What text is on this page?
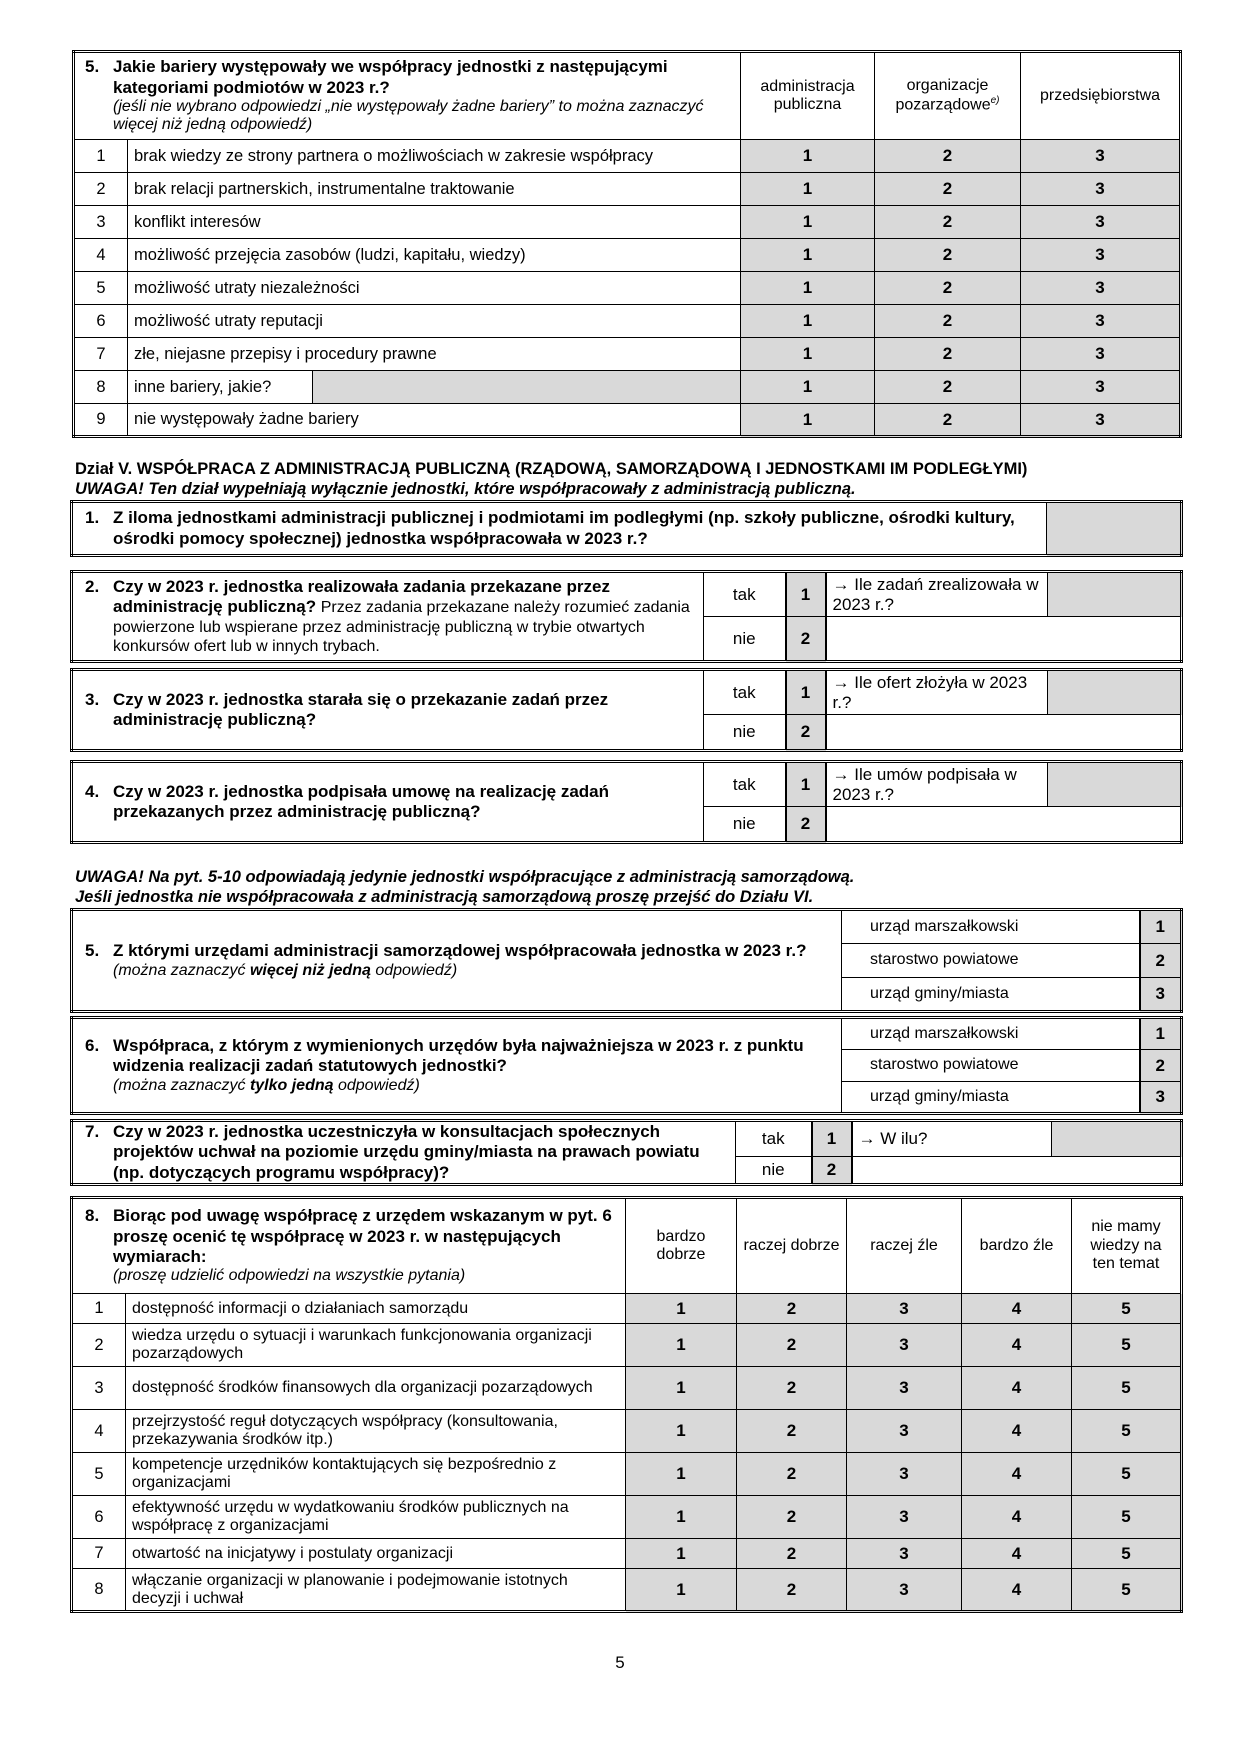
5. Jakie bariery występowały we współpracy jednostki z następującymi kategoriami podmiotów w 2023 r.?
(jeśli nie wybrano odpowiedzi „nie występowały żadne bariery” to można zaznaczyć więcej niż jedną odpowiedź)			administracja publiczna	organizacje pozarządowe$^{e)}$	przedsiębiorstwa
1	brak wiedzy ze strony partnera o możliwościach w zakresie współpracy		1	2	3
2	brak relacji partnerskich, instrumentalne traktowanie		1	2	3
3	konflikt interesów		1	2	3
4	możliwość przejęcia zasobów (ludzi, kapitału, wiedzy)		1	2	3
5	możliwość utraty niezależności		1	2	3
6	możliwość utraty reputacji		1	2	3
7	złe, niejasne przepisy i procedury prawne		1	2	3
8	inne bariery, jakie?		1	2	3
9	nie występowały żadne bariery		1	2	3
Dział V. WSPÓŁPRACA Z ADMINISTRACJĄ PUBLICZNĄ (RZĄDOWĄ, SAMORZĄDOWĄ I JEDNOSTKAMI IM PODLEGŁYMI)
UWAGA! Ten dział wypełniają wyłącznie jednostki, które współpracowały z administracją publiczną.
1. Z iloma jednostkami administracji publicznej i podmiotami im podległymi (np. szkoły publiczne, ośrodki kultury, ośrodki pomocy społecznej) jednostka współpracowała w 2023 r.?

2. Czy w 2023 r. jednostka realizowała zadania przekazane przez administrację publiczną? Przez zadania przekazane należy rozumieć zadania powierzone lub wspierane przez administrację publiczną w trybie otwartych konkursów ofert lub w innych trybach.	tak	1	→ Ile zadań zrealizowała w 2023 r.?	
	nie	2		
3. Czy w 2023 r. jednostka starała się o przekazanie zadań przez administrację publiczną?	tak	1	→ Ile ofert złożyła w 2023 r.?	
	nie	2		
4. Czy w 2023 r. jednostka podpisała umowę na realizację zadań przekazanych przez administrację publiczną?	tak	1	→ Ile umów podpisała w 2023 r.?	
	nie	2		
UWAGA! Na pyt. 5-10 odpowiadają jedynie jednostki współpracujące z administracją samorządową.
Jeśli jednostka nie współpracowała z administracją samorządową proszę przejść do Działu VI.
5. Z którymi urzędami administracji samorządowej współpracowała jednostka w 2023 r.?
(można zaznaczyć więcej niż jedną odpowiedź)	urząd marszałkowski	1
	starostwo powiatowe	2
	urząd gminy/miasta	3
6. Współpraca, z którym z wymienionych urzędów była najważniejsza w 2023 r. z punktu widzenia realizacji zadań statutowych jednostki?
(można zaznaczyć tylko jedną odpowiedź)	urząd marszałkowski	1
	starostwo powiatowe	2
	urząd gminy/miasta	3
7. Czy w 2023 r. jednostka uczestniczyła w konsultacjach społecznych projektów uchwał na poziomie urzędu gminy/miasta na prawach powiatu (np. dotyczących programu współpracy)?	tak	1	→ W ilu?	
	nie	2		
8. Biorąc pod uwagę współpracę z urzędem wskazanym w pyt. 6 proszę ocenić tę współpracę w 2023 r. w następujących wymiarach:
(proszę udzielić odpowiedzi na wszystkie pytania)		bardzo dobrze	raczej dobrze	raczej źle	bardzo źle	nie mamy wiedzy na ten temat
1	dostępność informacji o działaniach samorządu	1	2	3	4	5
2	wiedza urzędu o sytuacji i warunkach funkcjonowania organizacji pozarządowych	1	2	3	4	5
3	dostępność środków finansowych dla organizacji pozarządowych	1	2	3	4	5
4	przejrzystość reguł dotyczących współpracy (konsultowania, przekazywania środków itp.)	1	2	3	4	5
5	kompetencje urzędników kontaktujących się bezpośrednio z organizacjami	1	2	3	4	5
6	efektywność urzędu w wydatkowaniu środków publicznych na współpracę z organizacjami	1	2	3	4	5
7	otwartość na inicjatywy i postulaty organizacji	1	2	3	4	5
8	włączanie organizacji w planowanie i podejmowanie istotnych decyzji i uchwał	1	2	3	4	5
5
